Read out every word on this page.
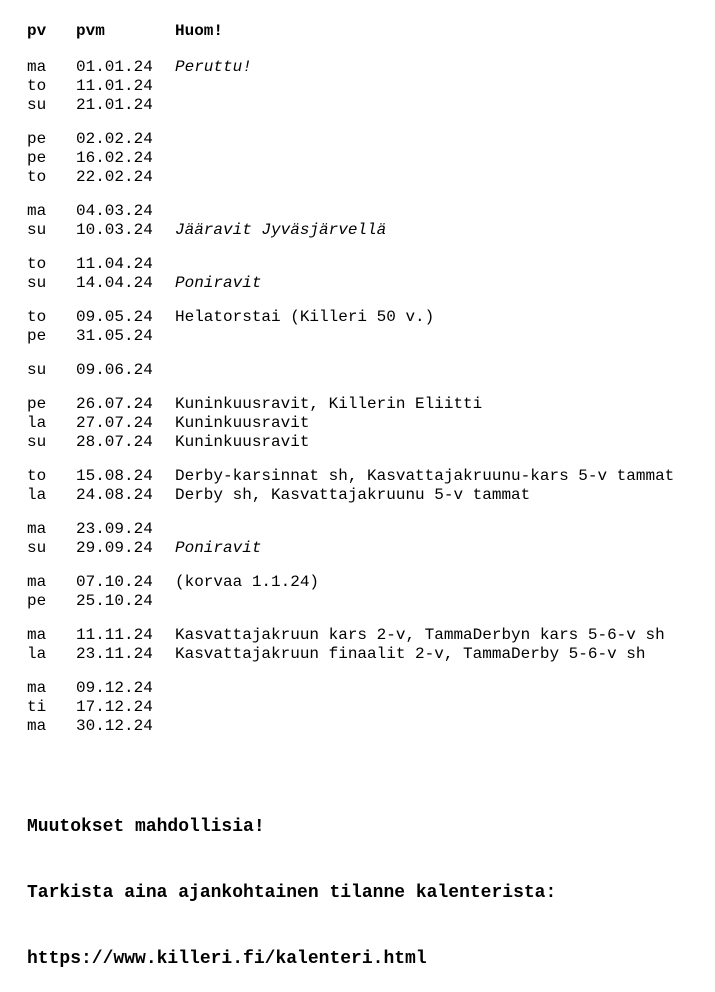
pv	pvm	Huom!
ma	01.01.24	Peruttu!
to	11.01.24
su	21.01.24
pe	02.02.24
pe	16.02.24
to	22.02.24
ma	04.03.24
su	10.03.24	Jääravit Jyväsjärvellä
to	11.04.24
su	14.04.24	Poniravit
to	09.05.24	Helatorstai (Killeri 50 v.)
pe	31.05.24
su	09.06.24
pe	26.07.24	Kuninkuusravit, Killerin Eliitti
la	27.07.24	Kuninkuusravit
su	28.07.24	Kuninkuusravit
to	15.08.24	Derby-karsinnat sh, Kasvattajakruunu-kars 5-v tammat
la	24.08.24	Derby sh, Kasvattajakruunu 5-v tammat
ma	23.09.24
su	29.09.24	Poniravit
ma	07.10.24	(korvaa 1.1.24)
pe	25.10.24
ma	11.11.24	Kasvattajakruun kars 2-v, TammaDerbyn kars 5-6-v sh
la	23.11.24	Kasvattajakruun finaalit 2-v, TammaDerby 5-6-v sh
ma	09.12.24
ti	17.12.24
ma	30.12.24

Muutokset mahdollisia!

Tarkista aina ajankohtainen tilanne kalenterista:

https://www.killeri.fi/kalenteri.html
